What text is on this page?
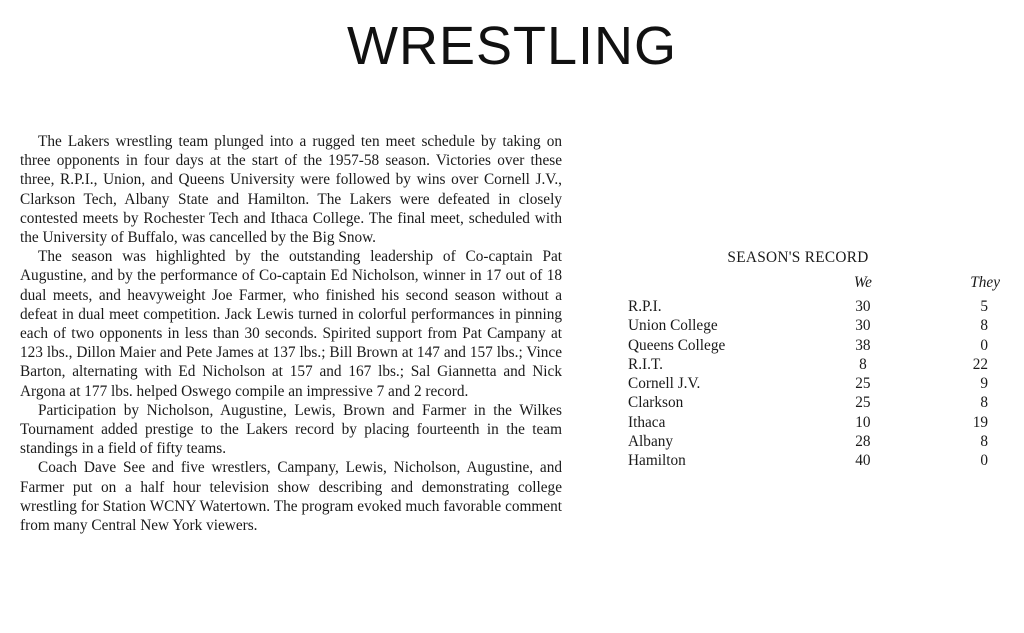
WRESTLING

The Lakers wrestling team plunged into a rugged ten meet schedule by taking on three opponents in four days at the start of the 1957-58 season. Victories over these three, R.P.I., Union, and Queens University were followed by wins over Cornell J.V., Clarkson Tech, Albany State and Hamilton. The Lakers were defeated in closely contested meets by Rochester Tech and Ithaca College. The final meet, scheduled with the University of Buffalo, was cancelled by the Big Snow.

The season was highlighted by the outstanding leadership of Co-captain Pat Augustine, and by the performance of Co-captain Ed Nicholson, winner in 17 out of 18 dual meets, and heavyweight Joe Farmer, who finished his second season without a defeat in dual meet competition. Jack Lewis turned in colorful performances in pinning each of two opponents in less than 30 seconds. Spirited support from Pat Campany at 123 lbs., Dillon Maier and Pete James at 137 lbs.; Bill Brown at 147 and 157 lbs.; Vince Barton, alternating with Ed Nicholson at 157 and 167 lbs.; Sal Giannetta and Nick Argona at 177 lbs. helped Oswego compile an impressive 7 and 2 record.

Participation by Nicholson, Augustine, Lewis, Brown and Farmer in the Wilkes Tournament added prestige to the Lakers record by placing fourteenth in the team standings in a field of fifty teams.

Coach Dave See and five wrestlers, Campany, Lewis, Nicholson, Augustine, and Farmer put on a half hour television show describing and demonstrating college wrestling for Station WCNY Watertown. The program evoked much favorable comment from many Central New York viewers.

SEASON'S RECORD
	We	They
R.P.I.	30	5
Union College	30	8
Queens College	38	0
R.I.T.	8	22
Cornell J.V.	25	9
Clarkson	25	8
Ithaca	10	19
Albany	28	8
Hamilton	40	0
